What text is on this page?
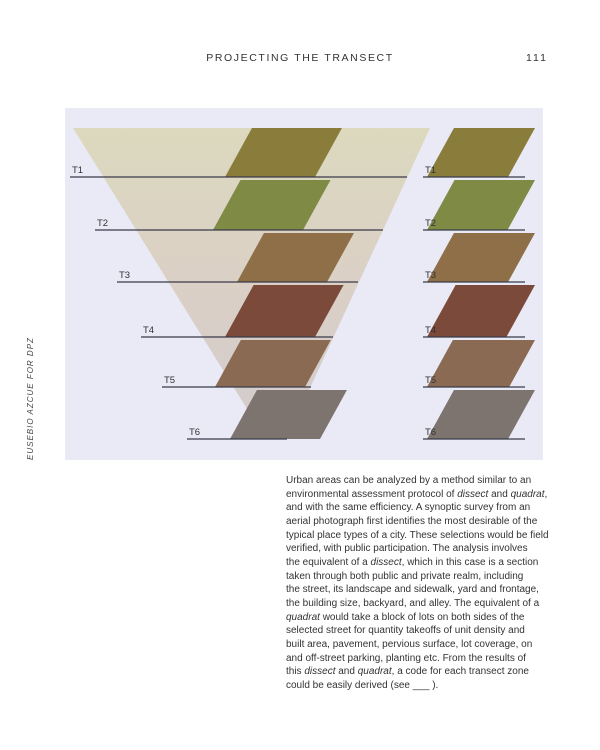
PROJECTING THE TRANSECT	111
T1	T1
T2	T2
T3	T3
T4	T4
T5	T5
T6	T6
EUSEBIO AZCUE FOR DPZ
Urban areas can be analyzed by a method similar to an
environmental assessment protocol of dissect and quadrat,
and with the same efficiency. A synoptic survey from an
aerial photograph first identifies the most desirable of the
typical place types of a city. These selections would be field
verified, with public participation. The analysis involves
the equivalent of a dissect, which in this case is a section
taken through both public and private realm, including
the street, its landscape and sidewalk, yard and frontage,
the building size, backyard, and alley. The equivalent of a
quadrat would take a block of lots on both sides of the
selected street for quantity takeoffs of unit density and
built area, pavement, pervious surface, lot coverage, on
and off-street parking, planting etc. From the results of
this dissect and quadrat, a code for each transect zone
could be easily derived (see ___ ).
